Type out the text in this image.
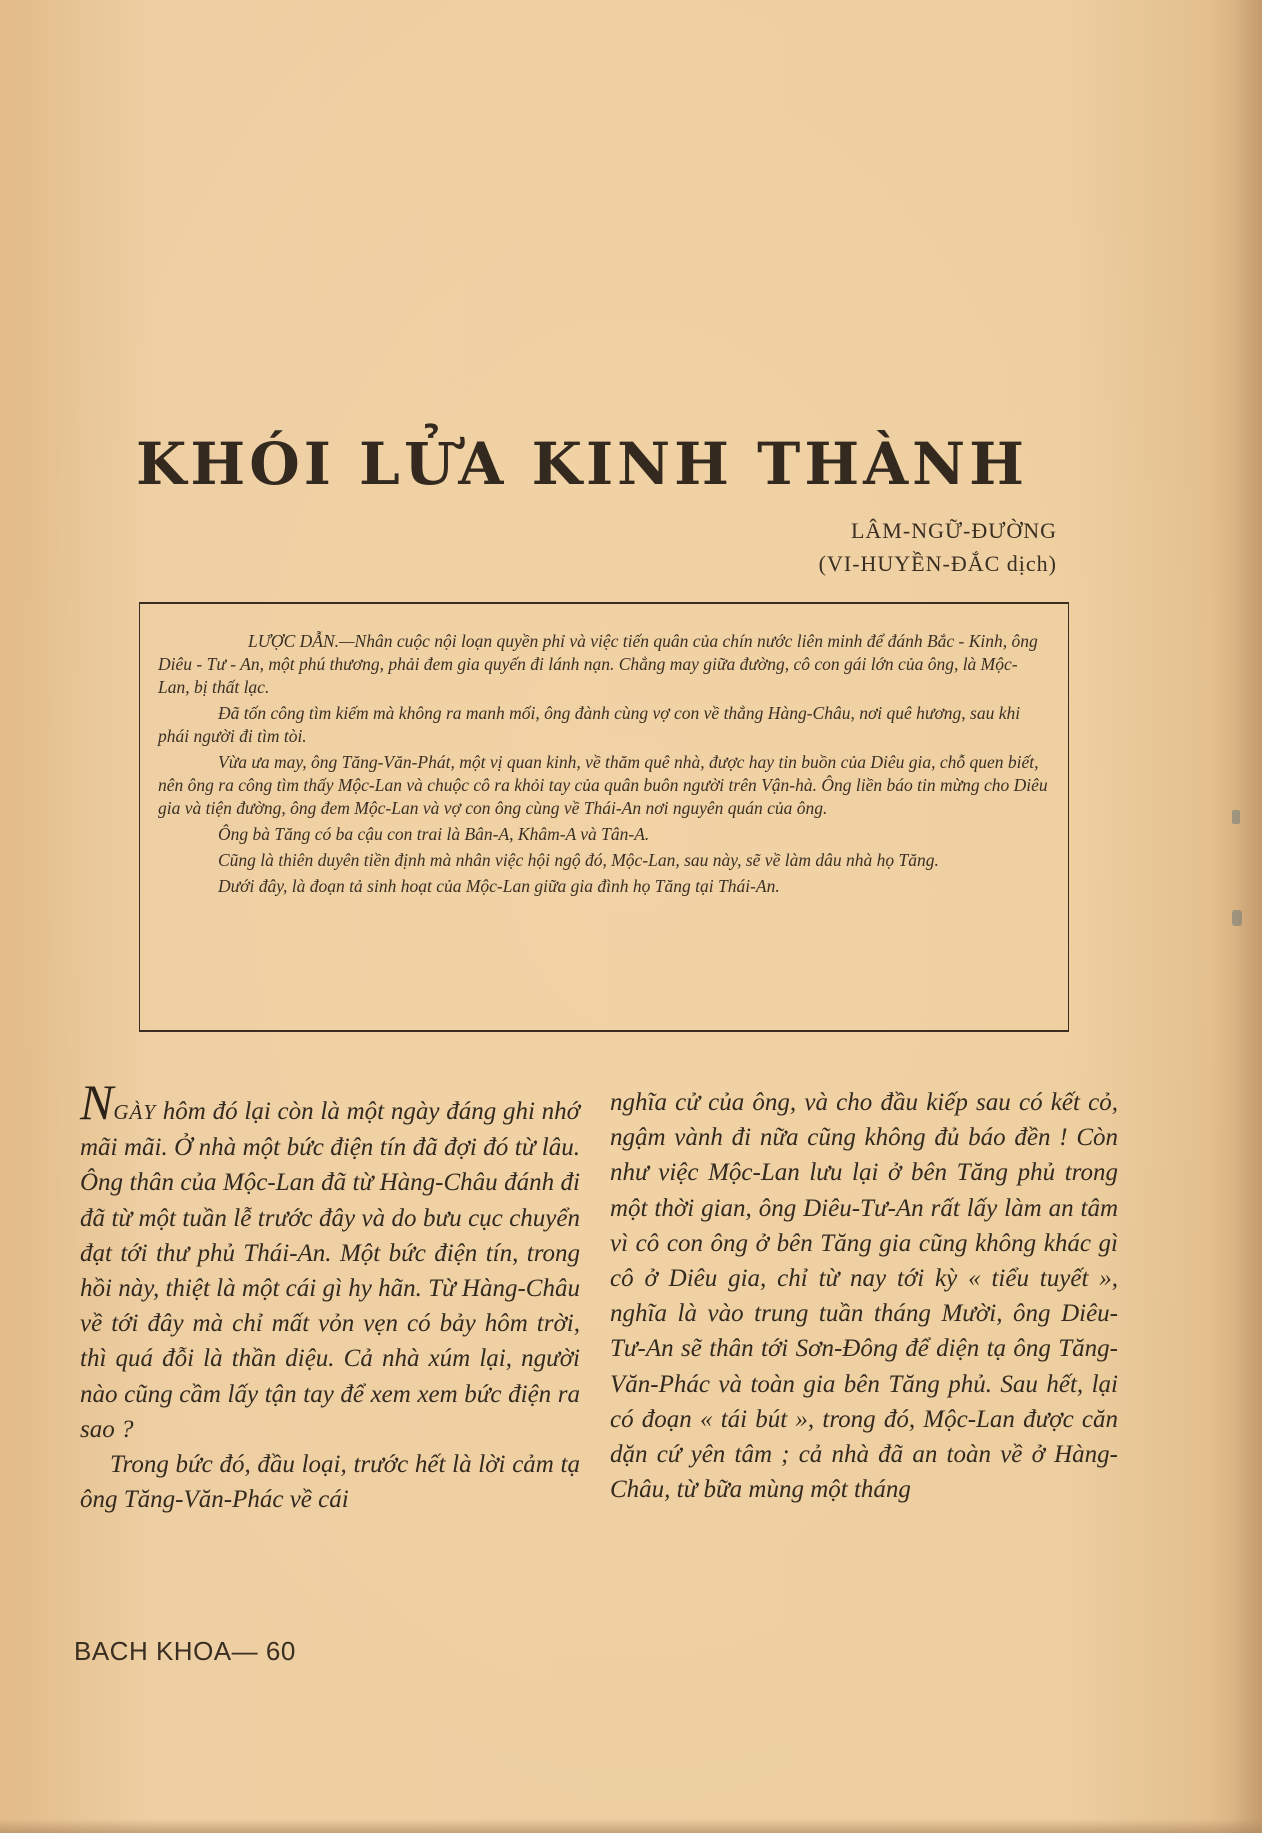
KHÓI LỬA KINH THÀNH
LÂM-NGỮ-ĐƯỜNG
(VI-HUYỀN-ĐẮC dịch)

LƯỢC DẪN.—Nhân cuộc nội loạn quyền phỉ và việc tiến quân của chín nước liên minh để đánh Bắc - Kinh, ông Diêu - Tư - An, một phú thương, phải đem gia quyến đi lánh nạn. Chẳng may giữa đường, cô con gái lớn của ông, là Mộc-Lan, bị thất lạc.

Đã tốn công tìm kiếm mà không ra manh mối, ông đành cùng vợ con về thẳng Hàng-Châu, nơi quê hương, sau khi phái người đi tìm tòi.

Vừa ưa may, ông Tăng-Văn-Phát, một vị quan kinh, về thăm quê nhà, được hay tin buồn của Diêu gia, chỗ quen biết, nên ông ra công tìm thấy Mộc-Lan và chuộc cô ra khỏi tay của quân buôn người trên Vận-hà. Ông liền báo tin mừng cho Diêu gia và tiện đường, ông đem Mộc-Lan và vợ con ông cùng về Thái-An nơi nguyên quán của ông.

Ông bà Tăng có ba cậu con trai là Bân-A, Khâm-A và Tân-A.

Cũng là thiên duyên tiền định mà nhân việc hội ngộ đó, Mộc-Lan, sau này, sẽ về làm dâu nhà họ Tăng.

Dưới đây, là đoạn tả sinh hoạt của Mộc-Lan giữa gia đình họ Tăng tại Thái-An.

NGÀY hôm đó lại còn là một ngày đáng ghi nhớ mãi mãi. Ở nhà một bức điện tín đã đợi đó từ lâu. Ông thân của Mộc-Lan đã từ Hàng-Châu đánh đi đã từ một tuần lễ trước đây và do bưu cục chuyển đạt tới thư phủ Thái-An. Một bức điện tín, trong hồi này, thiệt là một cái gì hy hãn. Từ Hàng-Châu về tới đây mà chỉ mất vỏn vẹn có bảy hôm trời, thì quá đỗi là thần diệu. Cả nhà xúm lại, người nào cũng cầm lấy tận tay để xem xem bức điện ra sao ?

Trong bức đó, đầu loại, trước hết là lời cảm tạ ông Tăng-Văn-Phác về cái

nghĩa cử của ông, và cho đầu kiếp sau có kết cỏ, ngậm vành đi nữa cũng không đủ báo đền ! Còn như việc Mộc-Lan lưu lại ở bên Tăng phủ trong một thời gian, ông Diêu-Tư-An rất lấy làm an tâm vì cô con ông ở bên Tăng gia cũng không khác gì cô ở Diêu gia, chỉ từ nay tới kỳ « tiểu tuyết », nghĩa là vào trung tuần tháng Mười, ông Diêu-Tư-An sẽ thân tới Sơn-Đông để diện tạ ông Tăng-Văn-Phác và toàn gia bên Tăng phủ. Sau hết, lại có đoạn « tái bút », trong đó, Mộc-Lan được căn dặn cứ yên tâm ; cả nhà đã an toàn về ở Hàng-Châu, từ bữa mùng một tháng

BACH KHOA— 60
